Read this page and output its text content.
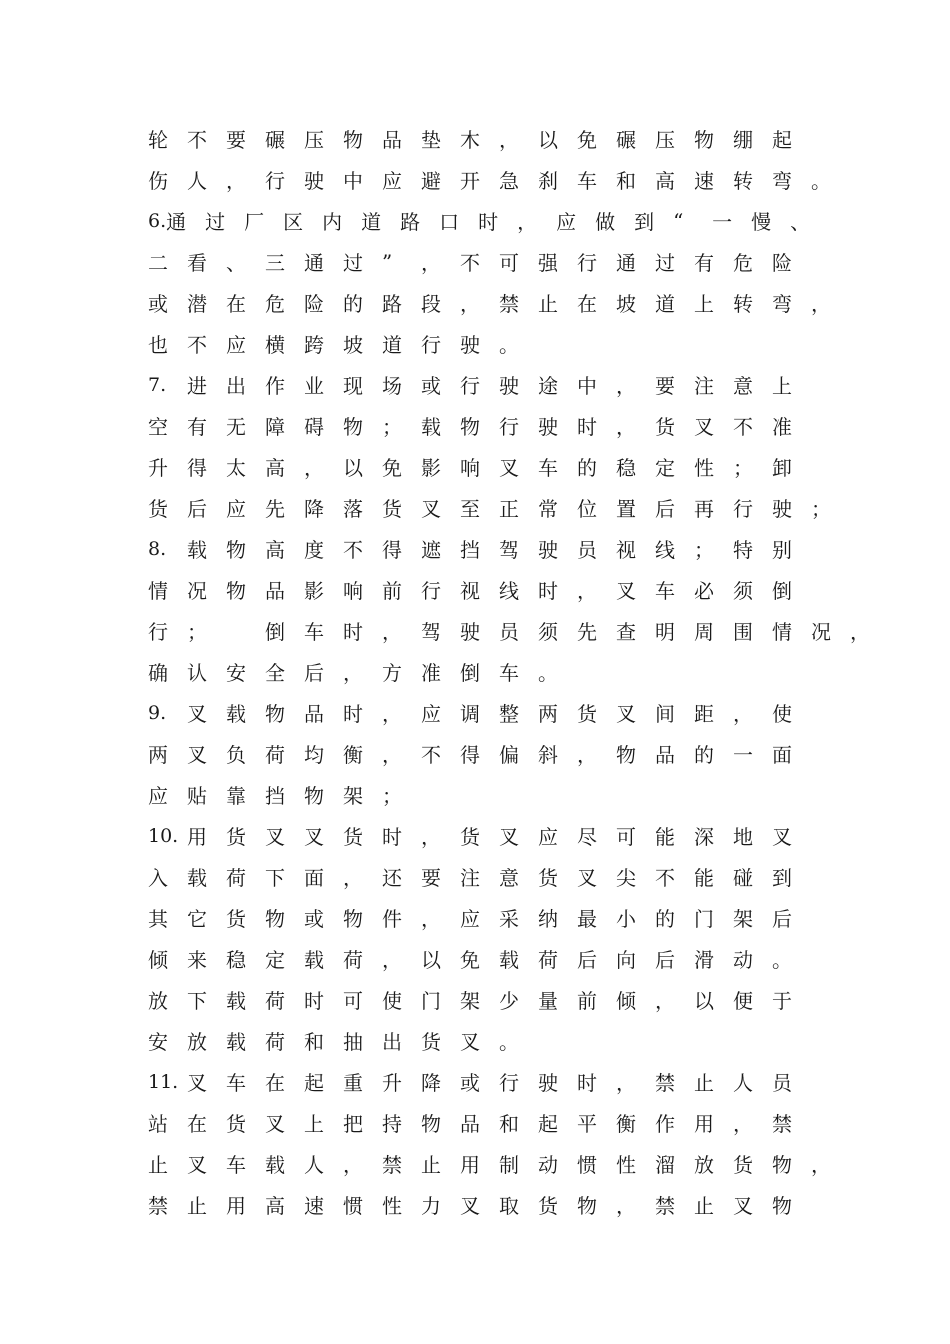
轮 不 要 碾 压 物 品 垫 木 ， 以 免 碾 压 物 绷 起
伤 人 ， 行 驶 中 应 避 开 急 刹 车 和 高 速 转 弯 。
6. 通 过 厂 区 内 道 路 口 时 ， 应 做 到 “	一 慢 、
二 看 、 三 通 过 ”	， 不 可 强 行 通 过 有 危 险
或 潜 在 危 险 的 路 段 ， 禁 止 在 坡 道 上 转 弯 ，
也 不 应 横 跨 坡 道 行 驶 。
7.	进 出 作 业 现 场 或 行 驶 途 中 ， 要 注 意 上
空 有 无 障 碍 物 ； 载 物 行 驶 时 ， 货 叉 不 准
升 得 太 高 ， 以 免 影 响 叉 车 的 稳 定 性 ； 卸
货 后 应 先 降 落 货 叉 至 正 常 位 置 后 再 行 驶 ；
8.	载 物 高 度 不 得 遮 挡 驾 驶 员 视 线 ； 特 别
情 况 物 品 影 响 前 行 视 线 时 ， 叉 车 必 须 倒
行 ；
　	倒 车 时 ， 驾 驶 员 须 先 查 明 周 围 情 况 ，
确 认 安 全 后 ， 方 准 倒 车 。
9.	叉 载 物 品 时 ， 应 调 整 两 货 叉 间 距 ， 使
两 叉 负 荷 均 衡 ， 不 得 偏 斜 ， 物 品 的 一 面
应 贴 靠 挡 物 架 ；
10. 用 货 叉 叉 货 时 ， 货 叉 应 尽 可 能 深 地 叉
入 载 荷 下 面 ， 还 要 注 意 货 叉 尖 不 能 碰 到
其 它 货 物 或 物 件 ， 应 采 纳 最 小 的 门 架 后
倾 来 稳 定 载 荷 ， 以 免 载 荷 后 向 后 滑 动 。
放 下 载 荷 时 可 使 门 架 少 量 前 倾 ， 以 便 于
安 放 载 荷 和 抽 出 货 叉 。
11. 叉 车 在 起 重 升 降 或 行 驶 时 ， 禁 止 人 员
站 在 货 叉 上 把 持 物 品 和 起 平 衡 作 用 ， 禁
止 叉 车 载 人 ， 禁 止 用 制 动 惯 性 溜 放 货 物 ，
禁 止 用 高 速 惯 性 力 叉 取 货 物 ， 禁 止 叉 物
